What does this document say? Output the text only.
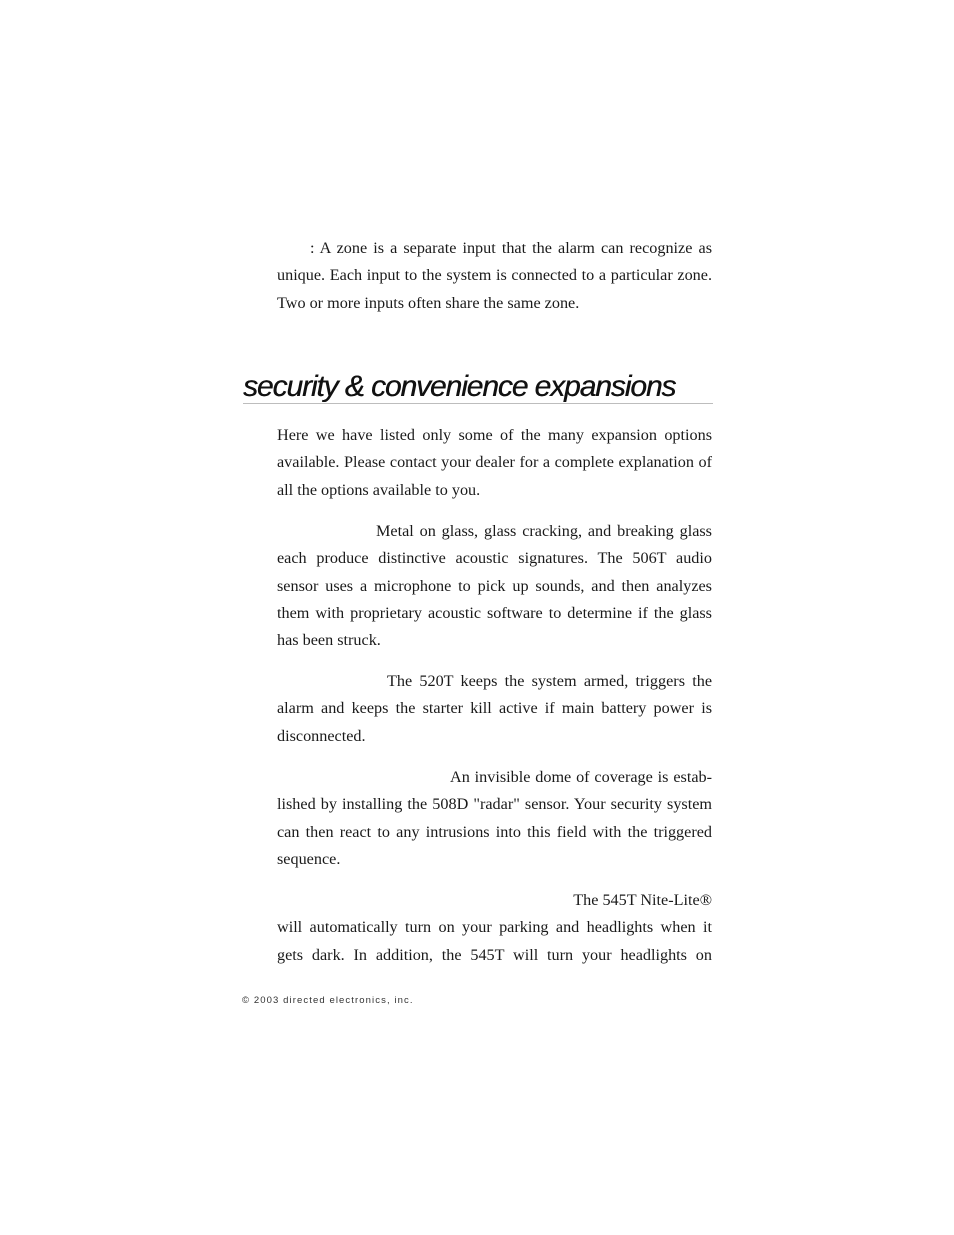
: A zone is a separate input that the alarm can recognize as unique. Each input to the system is connected to a particular zone. Two or more inputs often share the same zone.

security & convenience expansions

Here we have listed only some of the many expansion options available. Please contact your dealer for a complete explanation of all the options available to you.

Metal on glass, glass cracking, and breaking glass each produce distinctive acoustic signatures. The 506T audio sensor uses a microphone to pick up sounds, and then analyzes them with proprietary acoustic software to determine if the glass has been struck.

The 520T keeps the system armed, triggers the alarm and keeps the starter kill active if main battery power is disconnected.

An invisible dome of coverage is estab-lished by installing the 508D "radar" sensor. Your security system can then react to any intrusions into this field with the triggered sequence.

The 545T Nite-Lite®
will automatically turn on your parking and headlights when it gets dark. In addition, the 545T will turn your headlights on

© 2003 directed electronics, inc.
